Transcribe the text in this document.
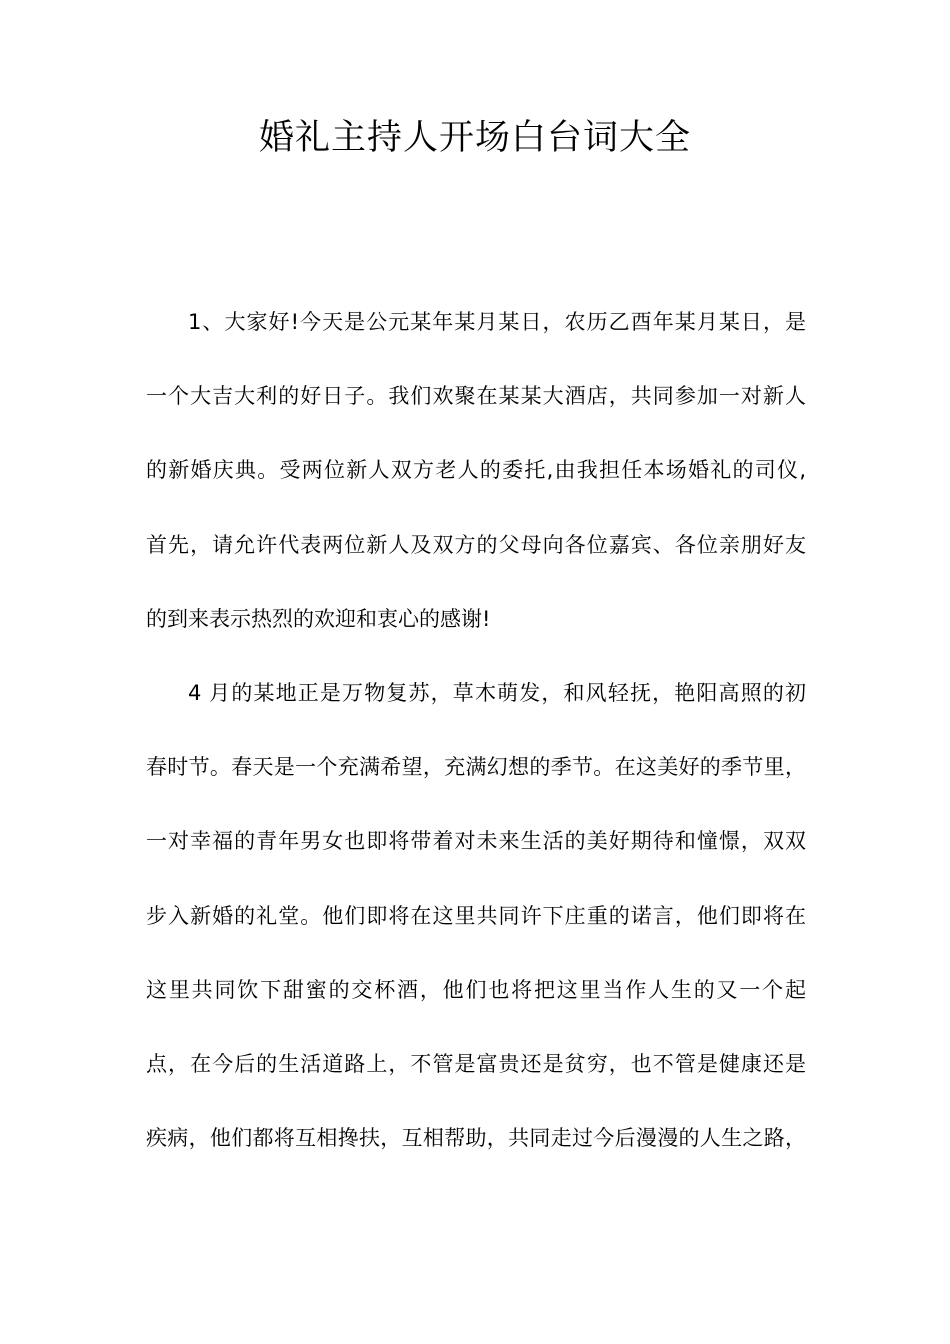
婚礼主持人开场白台词大全
1、大家好!今天是公元某年某月某日，农历乙酉年某月某日，是
一个大吉大利的好日子。我们欢聚在某某大酒店，共同参加一对新人
的新婚庆典。受两位新人双方老人的委托,由我担任本场婚礼的司仪,
首先，请允许代表两位新人及双方的父母向各位嘉宾、各位亲朋好友
的到来表示热烈的欢迎和衷心的感谢!
4 月的某地正是万物复苏，草木萌发，和风轻抚，艳阳高照的初
春时节。春天是一个充满希望，充满幻想的季节。在这美好的季节里，
一对幸福的青年男女也即将带着对未来生活的美好期待和憧憬，双双
步入新婚的礼堂。他们即将在这里共同许下庄重的诺言，他们即将在
这里共同饮下甜蜜的交杯酒，他们也将把这里当作人生的又一个起
点，在今后的生活道路上，不管是富贵还是贫穷，也不管是健康还是
疾病，他们都将互相搀扶，互相帮助，共同走过今后漫漫的人生之路，
